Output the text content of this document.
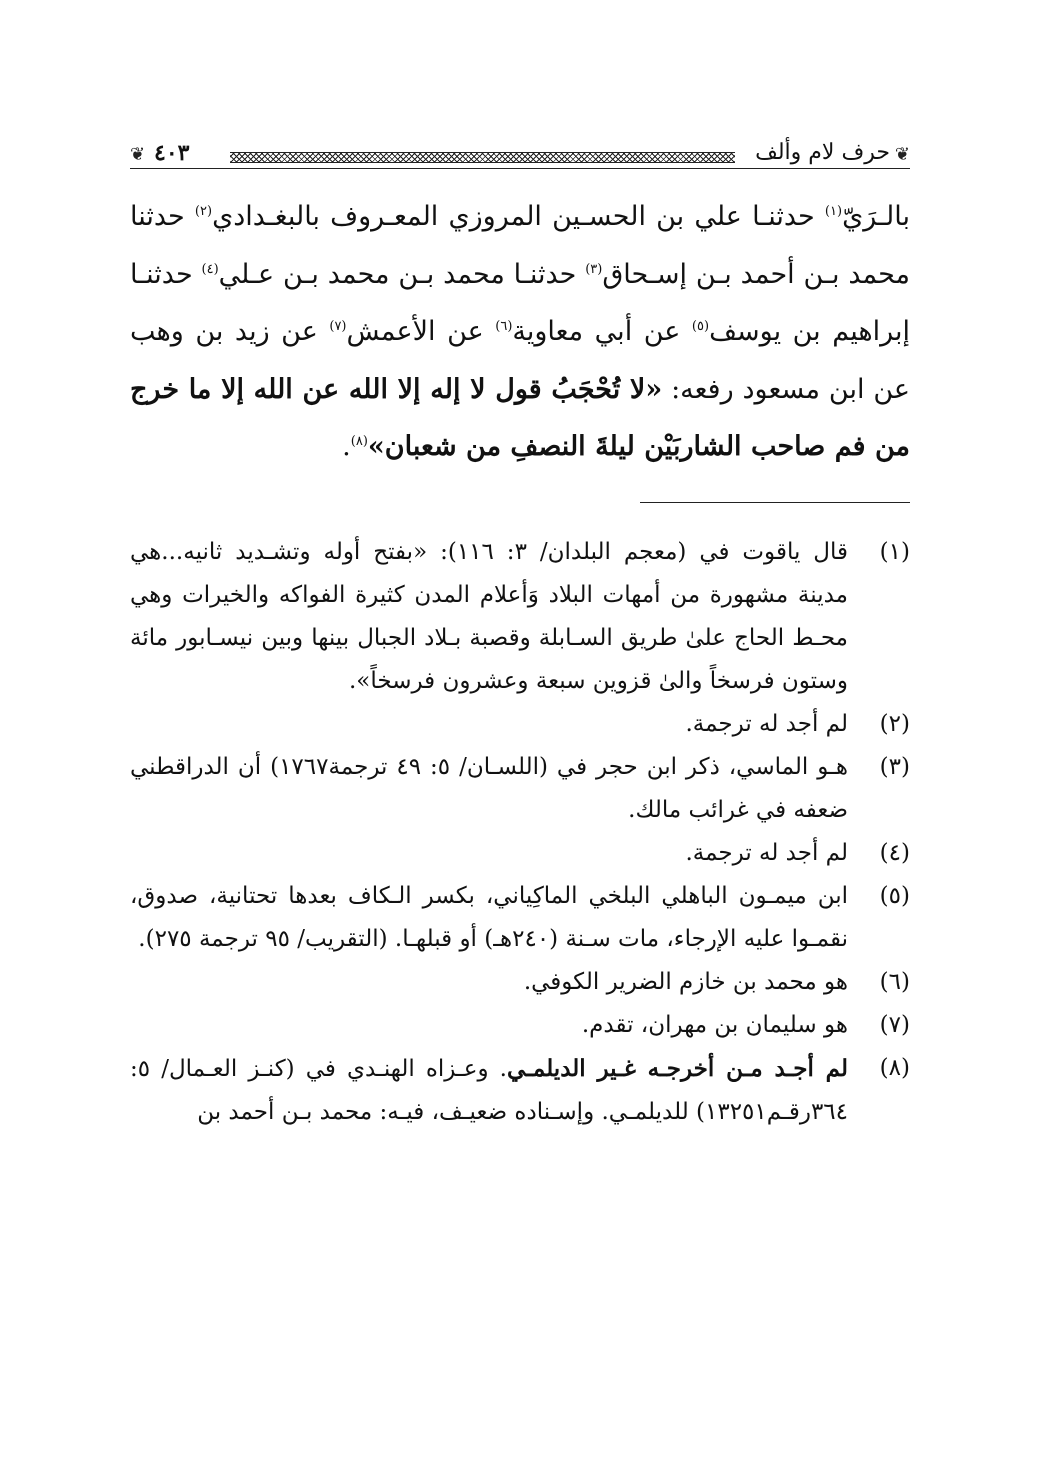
❦
حرف لام وألف
٤٠٣
❦

بالـرَيّ$^{(١)}$ حدثنـا علي بن الحسـين المروزي المعـروف بالبغـدادي$^{(٢)}$ حدثنا محمد بـن أحمد بـن إسـحاق$^{(٣)}$ حدثنـا محمد بـن محمد بـن عـلي$^{(٤)}$ حدثنـا إبراهيم بن يوسف$^{(٥)}$ عن أبي معاوية$^{(٦)}$ عن الأعمش$^{(٧)}$ عن زيد بن وهب عن ابن مسعود رفعه: «لا تُحْجَبُ قول لا إله إلا الله عن الله إلا ما خرج من فم صاحب الشاربَيْن ليلةَ النصفِ من شعبان»$^{(٨)}$.

(١)
قال ياقوت في (معجم البلدان/ ٣: ١١٦): «بفتح أوله وتشـديد ثانيه...هي مدينة مشهورة من أمهات البلاد وَأعلام المدن كثيرة الفواكه والخيرات وهي محـط الحاج علىٰ طريق السـابلة وقصبة بـلاد الجبال بينها وبين نيسـابور مائة وستون فرسخاً والىٰ قزوين سبعة وعشرون فرسخاً».
(٢)
لم أجد له ترجمة.
(٣)
هـو الماسي، ذكر ابن حجر في (اللسـان/ ٥: ٤٩ ترجمة١٧٦٧) أن الدراقطني ضعفه في غرائب مالك.
(٤)
لم أجد له ترجمة.
(٥)
ابن ميمـون الباهلي البلخي الماكِياني، بكسر الـكاف بعدها تحتانية، صدوق، نقمـوا عليه الإرجاء، مات سـنة (٢٤٠هـ) أو قبلهـا. (التقريب/ ٩٥ ترجمة ٢٧٥).
(٦)
هو محمد بن خازم الضرير الكوفي.
(٧)
هو سليمان بن مهران، تقدم.
(٨)
لم أجـد مـن أخرجـه غـير الديلمـي. وعـزاه الهنـدي في (كنـز العـمال/ ٥: ٣٦٤رقـم١٣٢٥١) للديلمـي. وإسـناده ضعيـف، فيـه: محمد بـن أحمد بن
